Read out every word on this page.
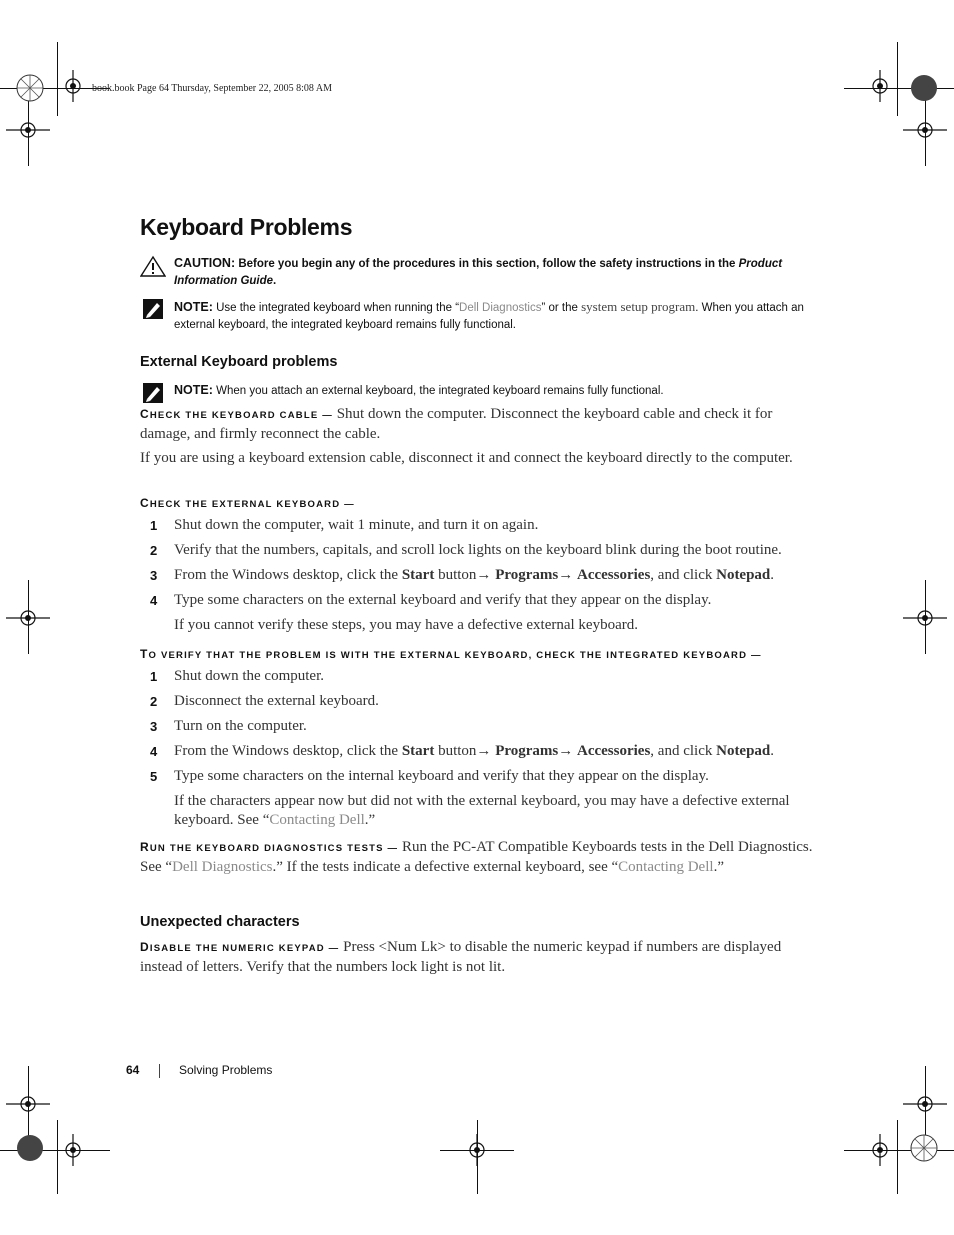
book.book Page 64 Thursday, September 22, 2005 8:08 AM
Keyboard Problems
CAUTION: Before you begin any of the procedures in this section, follow the safety instructions in the Product Information Guide.
NOTE: Use the integrated keyboard when running the “Dell Diagnostics” or the system setup program. When you attach an external keyboard, the integrated keyboard remains fully functional.
External Keyboard problems
NOTE: When you attach an external keyboard, the integrated keyboard remains fully functional.
CHECK THE KEYBOARD CABLE — Shut down the computer. Disconnect the keyboard cable and check it for damage, and firmly reconnect the cable.
If you are using a keyboard extension cable, disconnect it and connect the keyboard directly to the computer.
CHECK THE EXTERNAL KEYBOARD —
1 Shut down the computer, wait 1 minute, and turn it on again.
2 Verify that the numbers, capitals, and scroll lock lights on the keyboard blink during the boot routine.
3 From the Windows desktop, click the Start button→ Programs→ Accessories, and click Notepad.
4 Type some characters on the external keyboard and verify that they appear on the display.
If you cannot verify these steps, you may have a defective external keyboard.
TO VERIFY THAT THE PROBLEM IS WITH THE EXTERNAL KEYBOARD, CHECK THE INTEGRATED KEYBOARD —
1 Shut down the computer.
2 Disconnect the external keyboard.
3 Turn on the computer.
4 From the Windows desktop, click the Start button→ Programs→ Accessories, and click Notepad.
5 Type some characters on the internal keyboard and verify that they appear on the display.
If the characters appear now but did not with the external keyboard, you may have a defective external keyboard. See “Contacting Dell.”
RUN THE KEYBOARD DIAGNOSTICS TESTS — Run the PC-AT Compatible Keyboards tests in the Dell Diagnostics. See “Dell Diagnostics.” If the tests indicate a defective external keyboard, see “Contacting Dell.”
Unexpected characters
DISABLE THE NUMERIC KEYPAD — Press <Num Lk> to disable the numeric keypad if numbers are displayed instead of letters. Verify that the numbers lock light is not lit.
64	Solving Problems
